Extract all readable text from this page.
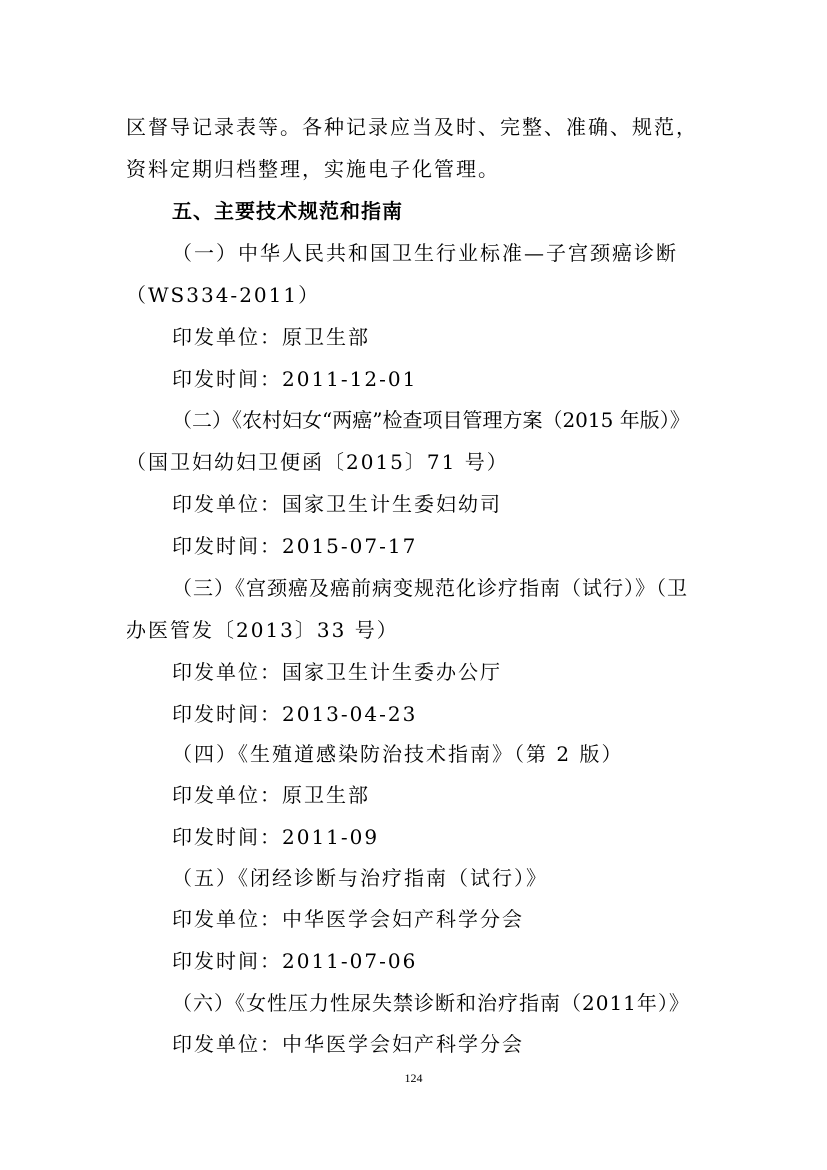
区督导记录表等。各种记录应当及时、完整、准确、规范，
资料定期归档整理，实施电子化管理。
五、主要技术规范和指南
（一）中华人民共和国卫生行业标准—子宫颈癌诊断
（WS334-2011）
印发单位：原卫生部
印发时间：2011-12-01
（二）《农村妇女“两癌”检查项目管理方案（2015 年版）》
（国卫妇幼妇卫便函〔2015〕71 号）
印发单位：国家卫生计生委妇幼司
印发时间：2015-07-17
（三）《宫颈癌及癌前病变规范化诊疗指南（试行）》（卫
办医管发〔2013〕33 号）
印发单位：国家卫生计生委办公厅
印发时间：2013-04-23
（四）《生殖道感染防治技术指南》（第 2 版）
印发单位：原卫生部
印发时间：2011-09
（五）《闭经诊断与治疗指南（试行）》
印发单位：中华医学会妇产科学分会
印发时间：2011-07-06
（六）《女性压力性尿失禁诊断和治疗指南（2011年）》
印发单位：中华医学会妇产科学分会
124
